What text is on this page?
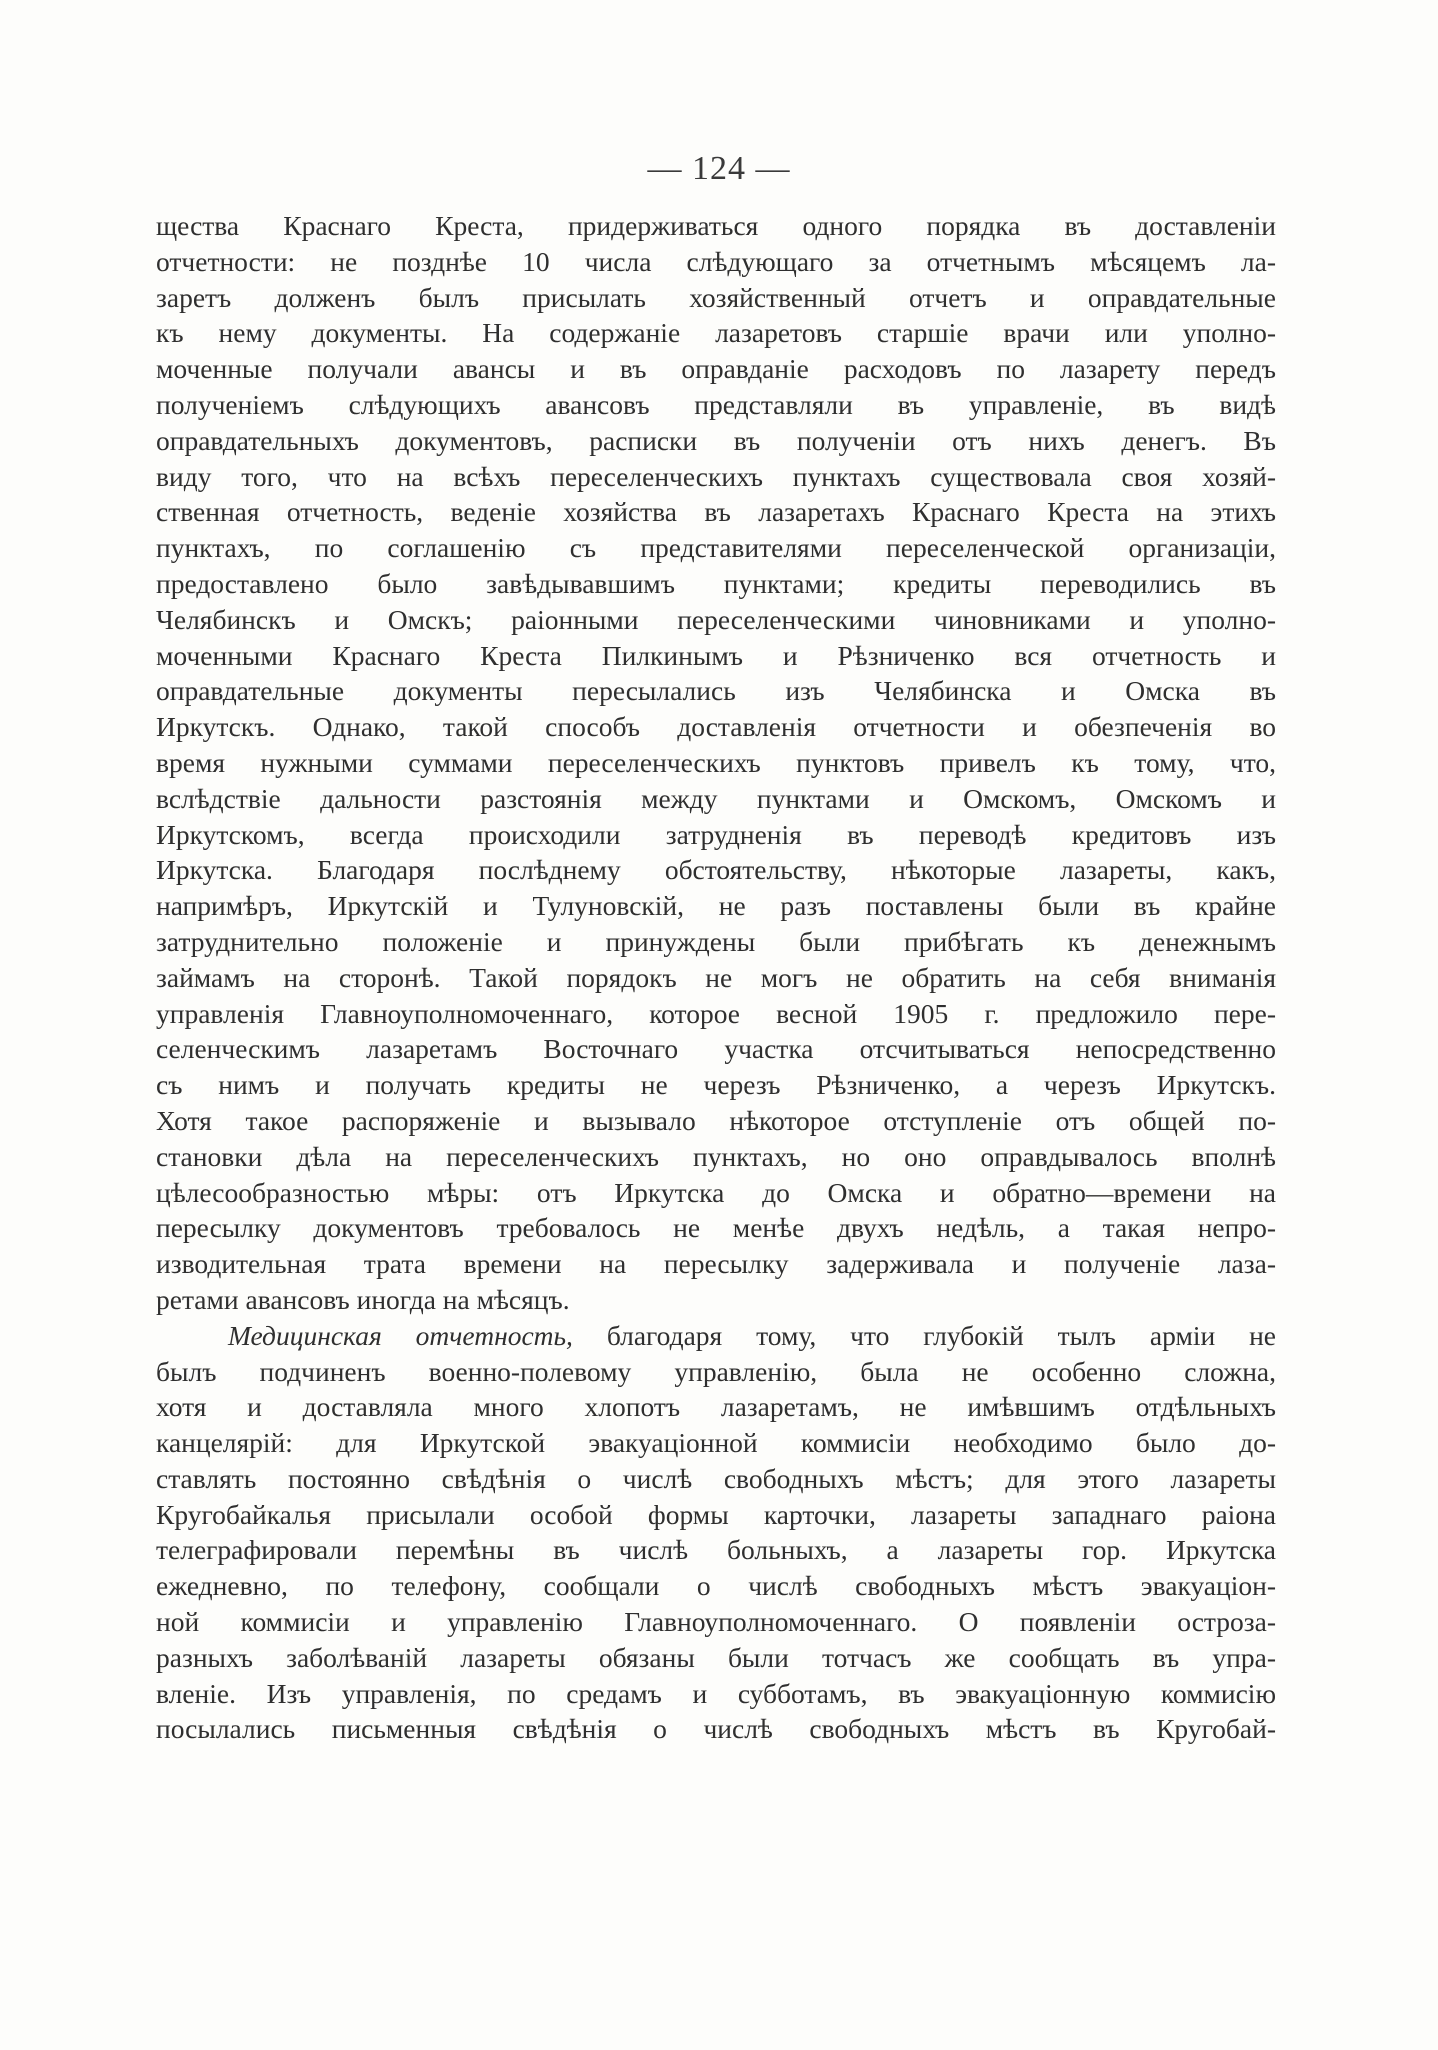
— 124 —

щества Краснаго Креста, придерживаться одного порядка въ доставленіи
отчетности: не позднѣе 10 числа слѣдующаго за отчетнымъ мѣсяцемъ ла-
заретъ долженъ былъ присылать хозяйственный отчетъ и оправдательные
къ нему документы. На содержаніе лазаретовъ старшіе врачи или уполно-
моченные получали авансы и въ оправданіе расходовъ по лазарету передъ
полученіемъ слѣдующихъ авансовъ представляли въ управленіе, въ видѣ
оправдательныхъ документовъ, расписки въ полученіи отъ нихъ денегъ. Въ
виду того, что на всѣхъ переселенческихъ пунктахъ существовала своя хозяй-
ственная отчетность, веденіе хозяйства въ лазаретахъ Краснаго Креста на этихъ
пунктахъ, по соглашенію съ представителями переселенческой организаціи,
предоставлено было завѣдывавшимъ пунктами; кредиты переводились въ
Челябинскъ и Омскъ; раіонными переселенческими чиновниками и уполно-
моченными Краснаго Креста Пилкинымъ и Рѣзниченко вся отчетность и
оправдательные документы пересылались изъ Челябинска и Омска въ
Иркутскъ. Однако, такой способъ доставленія отчетности и обезпеченія во
время нужными суммами переселенческихъ пунктовъ привелъ къ тому, что,
вслѣдствіе дальности разстоянія между пунктами и Омскомъ, Омскомъ и
Иркутскомъ, всегда происходили затрудненія въ переводѣ кредитовъ изъ
Иркутска. Благодаря послѣднему обстоятельству, нѣкоторые лазареты, какъ,
напримѣръ, Иркутскій и Тулуновскій, не разъ поставлены были въ крайне
затруднительно положеніе и принуждены были прибѣгать къ денежнымъ
займамъ на сторонѣ. Такой порядокъ не могъ не обратить на себя вниманія
управленія Главноуполномоченнаго, которое весной 1905 г. предложило пере-
селенческимъ лазаретамъ Восточнаго участка отсчитываться непосредственно
съ нимъ и получать кредиты не черезъ Рѣзниченко, а черезъ Иркутскъ.
Хотя такое распоряженіе и вызывало нѣкоторое отступленіе отъ общей по-
становки дѣла на переселенческихъ пунктахъ, но оно оправдывалось вполнѣ
цѣлесообразностью мѣры: отъ Иркутска до Омска и обратно—времени на
пересылку документовъ требовалось не менѣе двухъ недѣль, а такая непро-
изводительная трата времени на пересылку задерживала и полученіе лаза-
ретами авансовъ иногда на мѣсяцъ.
Медицинская отчетность, благодаря тому, что глубокій тылъ арміи не
былъ подчиненъ военно-полевому управленію, была не особенно сложна,
хотя и доставляла много хлопотъ лазаретамъ, не имѣвшимъ отдѣльныхъ
канцелярій: для Иркутской эвакуаціонной коммисіи необходимо было до-
ставлять постоянно свѣдѣнія о числѣ свободныхъ мѣстъ; для этого лазареты
Кругобайкалья присылали особой формы карточки, лазареты западнаго раіона
телеграфировали перемѣны въ числѣ больныхъ, а лазареты гор. Иркутска
ежедневно, по телефону, сообщали о числѣ свободныхъ мѣстъ эвакуаціон-
ной коммисіи и управленію Главноуполномоченнаго. О появленіи остроза-
разныхъ заболѣваній лазареты обязаны были тотчасъ же сообщать въ упра-
вленіе. Изъ управленія, по средамъ и субботамъ, въ эвакуаціонную коммисію
посылались письменныя свѣдѣнія о числѣ свободныхъ мѣстъ въ Кругобай-
